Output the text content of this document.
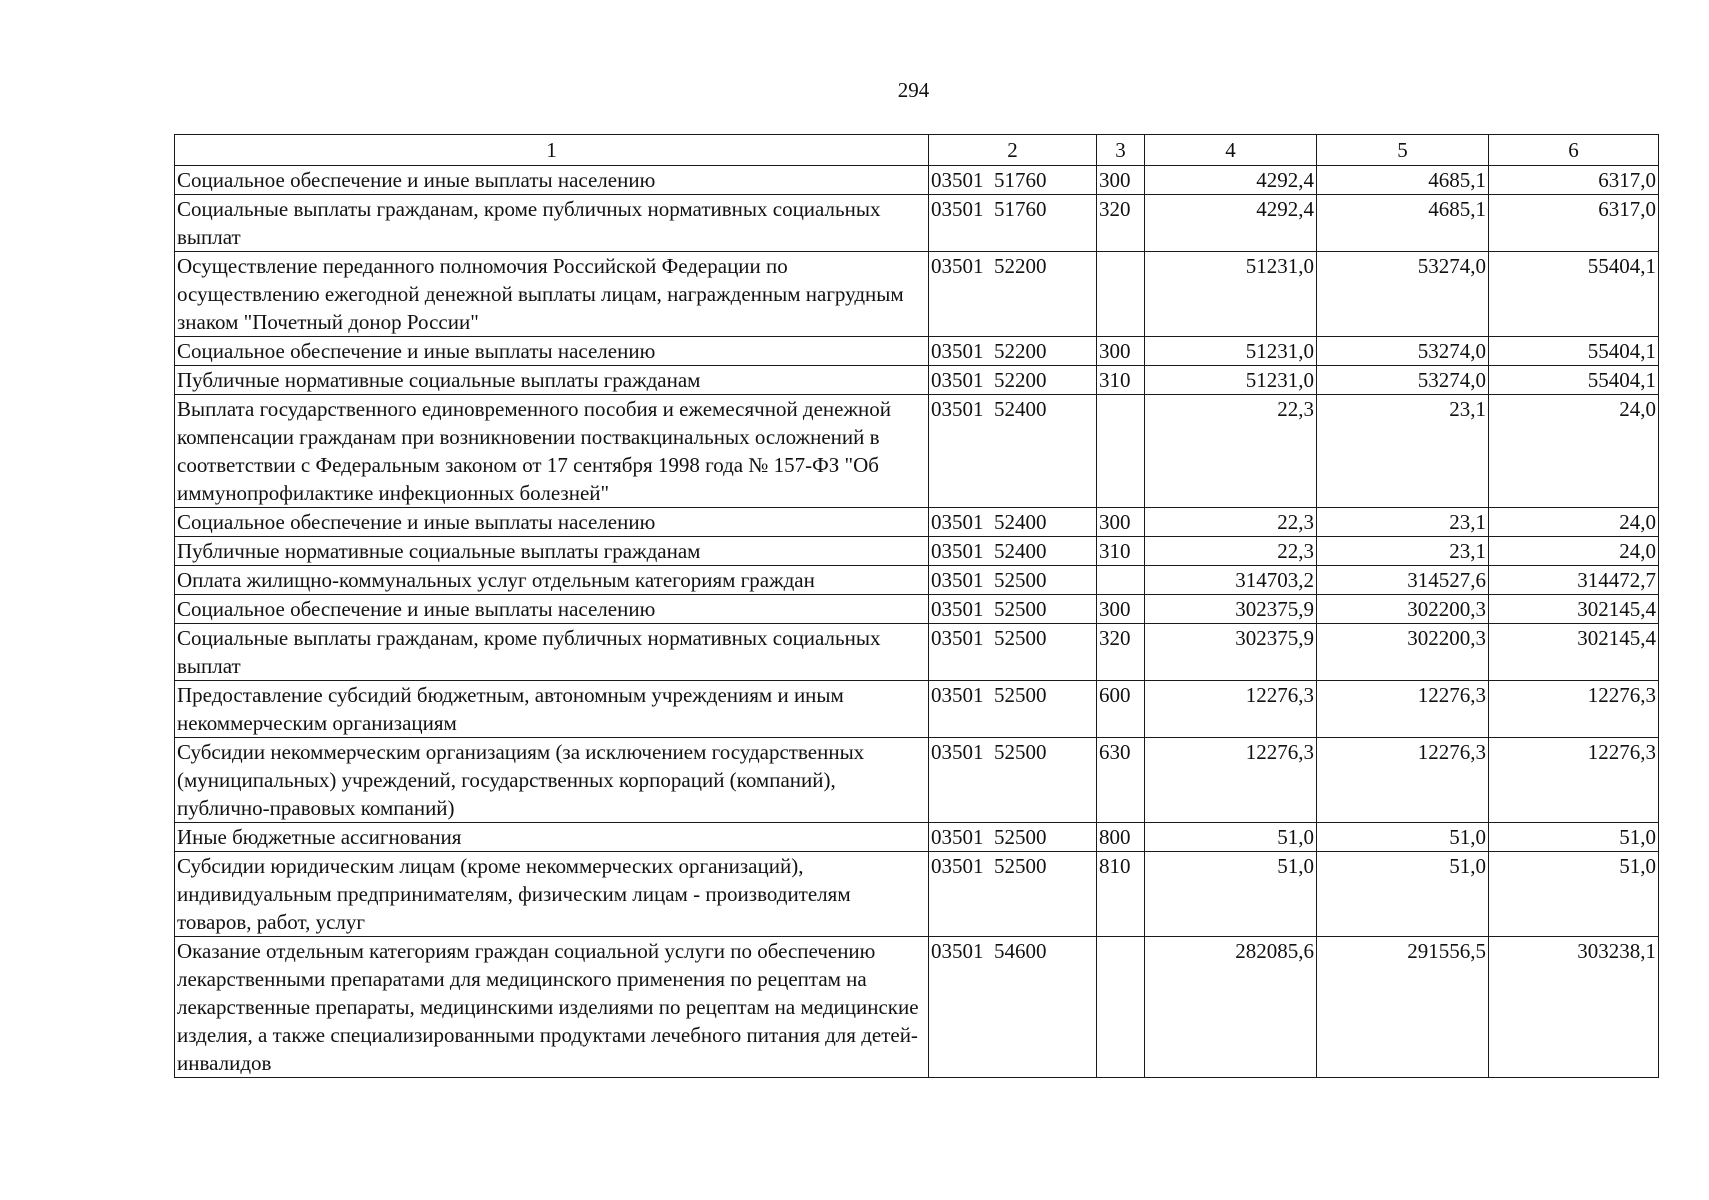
294
1	2	3	4	5	6
Социальное обеспечение и иные выплаты населению	03501  51760	300	4292,4	4685,1	6317,0
Социальные выплаты гражданам, кроме публичных нормативных социальных выплат	03501  51760	320	4292,4	4685,1	6317,0
Осуществление переданного полномочия Российской Федерации по осуществлению ежегодной денежной выплаты лицам, награжденным нагрудным знаком "Почетный донор России"	03501  52200		51231,0	53274,0	55404,1
Социальное обеспечение и иные выплаты населению	03501  52200	300	51231,0	53274,0	55404,1
Публичные нормативные социальные выплаты гражданам	03501  52200	310	51231,0	53274,0	55404,1
Выплата государственного единовременного пособия и ежемесячной денежной компенсации гражданам при возникновении поствакцинальных осложнений в соответствии с Федеральным законом от 17 сентября 1998 года № 157-ФЗ "Об иммунопрофилактике инфекционных болезней"	03501  52400		22,3	23,1	24,0
Социальное обеспечение и иные выплаты населению	03501  52400	300	22,3	23,1	24,0
Публичные нормативные социальные выплаты гражданам	03501  52400	310	22,3	23,1	24,0
Оплата жилищно-коммунальных услуг отдельным категориям граждан	03501  52500		314703,2	314527,6	314472,7
Социальное обеспечение и иные выплаты населению	03501  52500	300	302375,9	302200,3	302145,4
Социальные выплаты гражданам, кроме публичных нормативных социальных выплат	03501  52500	320	302375,9	302200,3	302145,4
Предоставление субсидий бюджетным, автономным учреждениям и иным некоммерческим организациям	03501  52500	600	12276,3	12276,3	12276,3
Субсидии некоммерческим организациям (за исключением государственных (муниципальных) учреждений, государственных корпораций (компаний), публично-правовых компаний)	03501  52500	630	12276,3	12276,3	12276,3
Иные бюджетные ассигнования	03501  52500	800	51,0	51,0	51,0
Субсидии юридическим лицам (кроме некоммерческих организаций), индивидуальным предпринимателям, физическим лицам - производителям товаров, работ, услуг	03501  52500	810	51,0	51,0	51,0
Оказание отдельным категориям граждан социальной услуги по обеспечению лекарственными препаратами для медицинского применения по рецептам на лекарственные препараты, медицинскими изделиями по рецептам на медицинские изделия, а также специализированными продуктами лечебного питания для детей-инвалидов	03501  54600		282085,6	291556,5	303238,1
